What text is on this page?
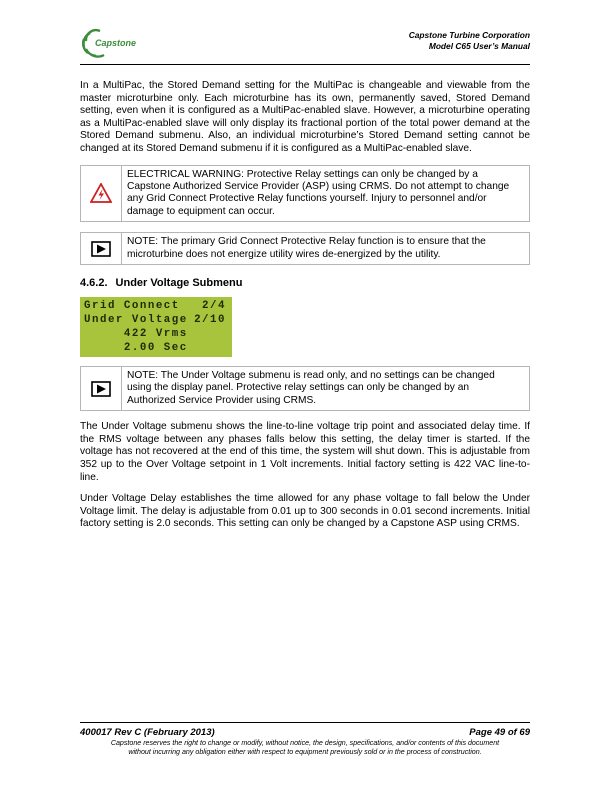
Capstone
Capstone Turbine Corporation
Model C65 User’s Manual
In a MultiPac, the Stored Demand setting for the MultiPac is changeable and viewable from the master microturbine only. Each microturbine has its own, permanently saved, Stored Demand setting, even when it is configured as a MultiPac-enabled slave. However, a microturbine operating as a MultiPac-enabled slave will only display its fractional portion of the total power demand at the Stored Demand submenu. Also, an individual microturbine’s Stored Demand setting cannot be changed at its Stored Demand submenu if it is configured as a MultiPac-enabled slave.
ELECTRICAL WARNING: Protective Relay settings can only be changed by a
Capstone Authorized Service Provider (ASP) using CRMS. Do not attempt to change
any Grid Connect Protective Relay functions yourself. Injury to personnel and/or
damage to equipment can occur.
NOTE: The primary Grid Connect Protective Relay function is to ensure that the
microturbine does not energize utility wires de-energized by the utility.
4.6.2. Under Voltage Submenu
Grid Connect 2/4
Under Voltage 2/10
422 Vrms
2.00 Sec
NOTE: The Under Voltage submenu is read only, and no settings can be changed
using the display panel. Protective relay settings can only be changed by an
Authorized Service Provider using CRMS.
The Under Voltage submenu shows the line-to-line voltage trip point and associated delay time. If the RMS voltage between any phases falls below this setting, the delay timer is started. If the voltage has not recovered at the end of this time, the system will shut down. This is adjustable from 352 up to the Over Voltage setpoint in 1 Volt increments. Initial factory setting is 422 VAC line-to-line.
Under Voltage Delay establishes the time allowed for any phase voltage to fall below the Under Voltage limit. The delay is adjustable from 0.01 up to 300 seconds in 0.01 second increments. Initial factory setting is 2.0 seconds. This setting can only be changed by a Capstone ASP using CRMS.
400017 Rev C (February 2013)	Page 49 of 69
Capstone reserves the right to change or modify, without notice, the design, specifications, and/or contents of this document
without incurring any obligation either with respect to equipment previously sold or in the process of construction.
